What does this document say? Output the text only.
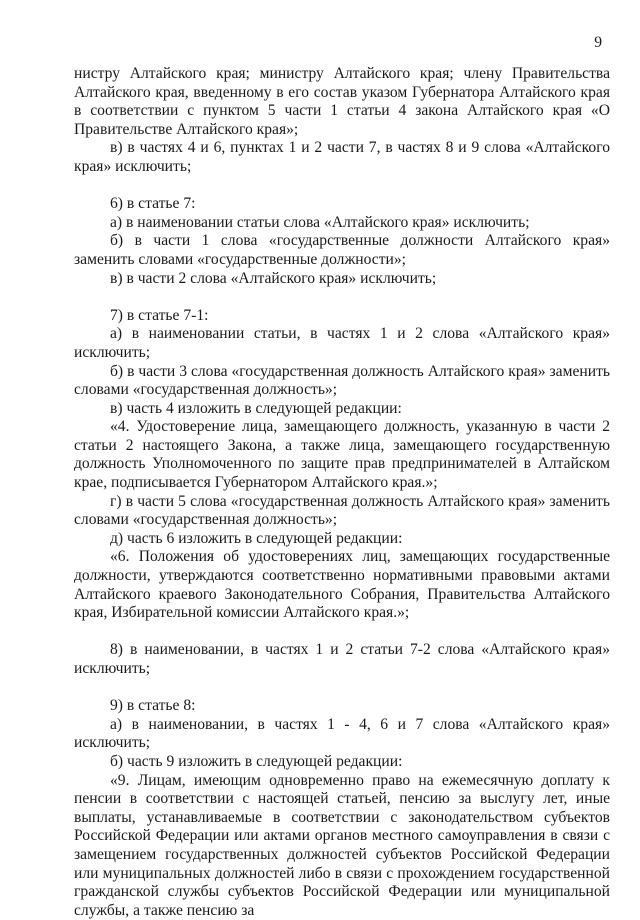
9

нистру Алтайского края; министру Алтайского края; члену Правительства Алтайского края, введенному в его состав указом Губернатора Алтайского края в соответствии с пунктом 5 части 1 статьи 4 закона Алтайского края «О Правительстве Алтайского края»;

в) в частях 4 и 6, пунктах 1 и 2 части 7, в частях 8 и 9 слова «Алтайского края» исключить;

6) в статье 7:

а) в наименовании статьи слова «Алтайского края» исключить;

б) в части 1 слова «государственные должности Алтайского края» заменить словами «государственные должности»;

в) в части 2 слова «Алтайского края» исключить;

7) в статье 7-1:

а) в наименовании статьи, в частях 1 и 2 слова «Алтайского края» исключить;

б) в части 3 слова «государственная должность Алтайского края» заменить словами «государственная должность»;

в) часть 4 изложить в следующей редакции:

«4. Удостоверение лица, замещающего должность, указанную в части 2 статьи 2 настоящего Закона, а также лица, замещающего государственную должность Уполномоченного по защите прав предпринимателей в Алтайском крае, подписывается Губернатором Алтайского края.»;

г) в части 5 слова «государственная должность Алтайского края» заменить словами «государственная должность»;

д) часть 6 изложить в следующей редакции:

«6. Положения об удостоверениях лиц, замещающих государственные должности, утверждаются соответственно нормативными правовыми актами Алтайского краевого Законодательного Собрания, Правительства Алтайского края, Избирательной комиссии Алтайского края.»;

8) в наименовании, в частях 1 и 2 статьи 7-2 слова «Алтайского края» исключить;

9) в статье 8:

а) в наименовании, в частях 1 - 4, 6 и 7 слова «Алтайского края» исключить;

б) часть 9 изложить в следующей редакции:

«9. Лицам, имеющим одновременно право на ежемесячную доплату к пенсии в соответствии с настоящей статьей, пенсию за выслугу лет, иные выплаты, устанавливаемые в соответствии с законодательством субъектов Российской Федерации или актами органов местного самоуправления в связи с замещением государственных должностей субъектов Российской Федерации или муниципальных должностей либо в связи с прохождением государственной гражданской службы субъектов Российской Федерации или муниципальной службы, а также пенсию за
